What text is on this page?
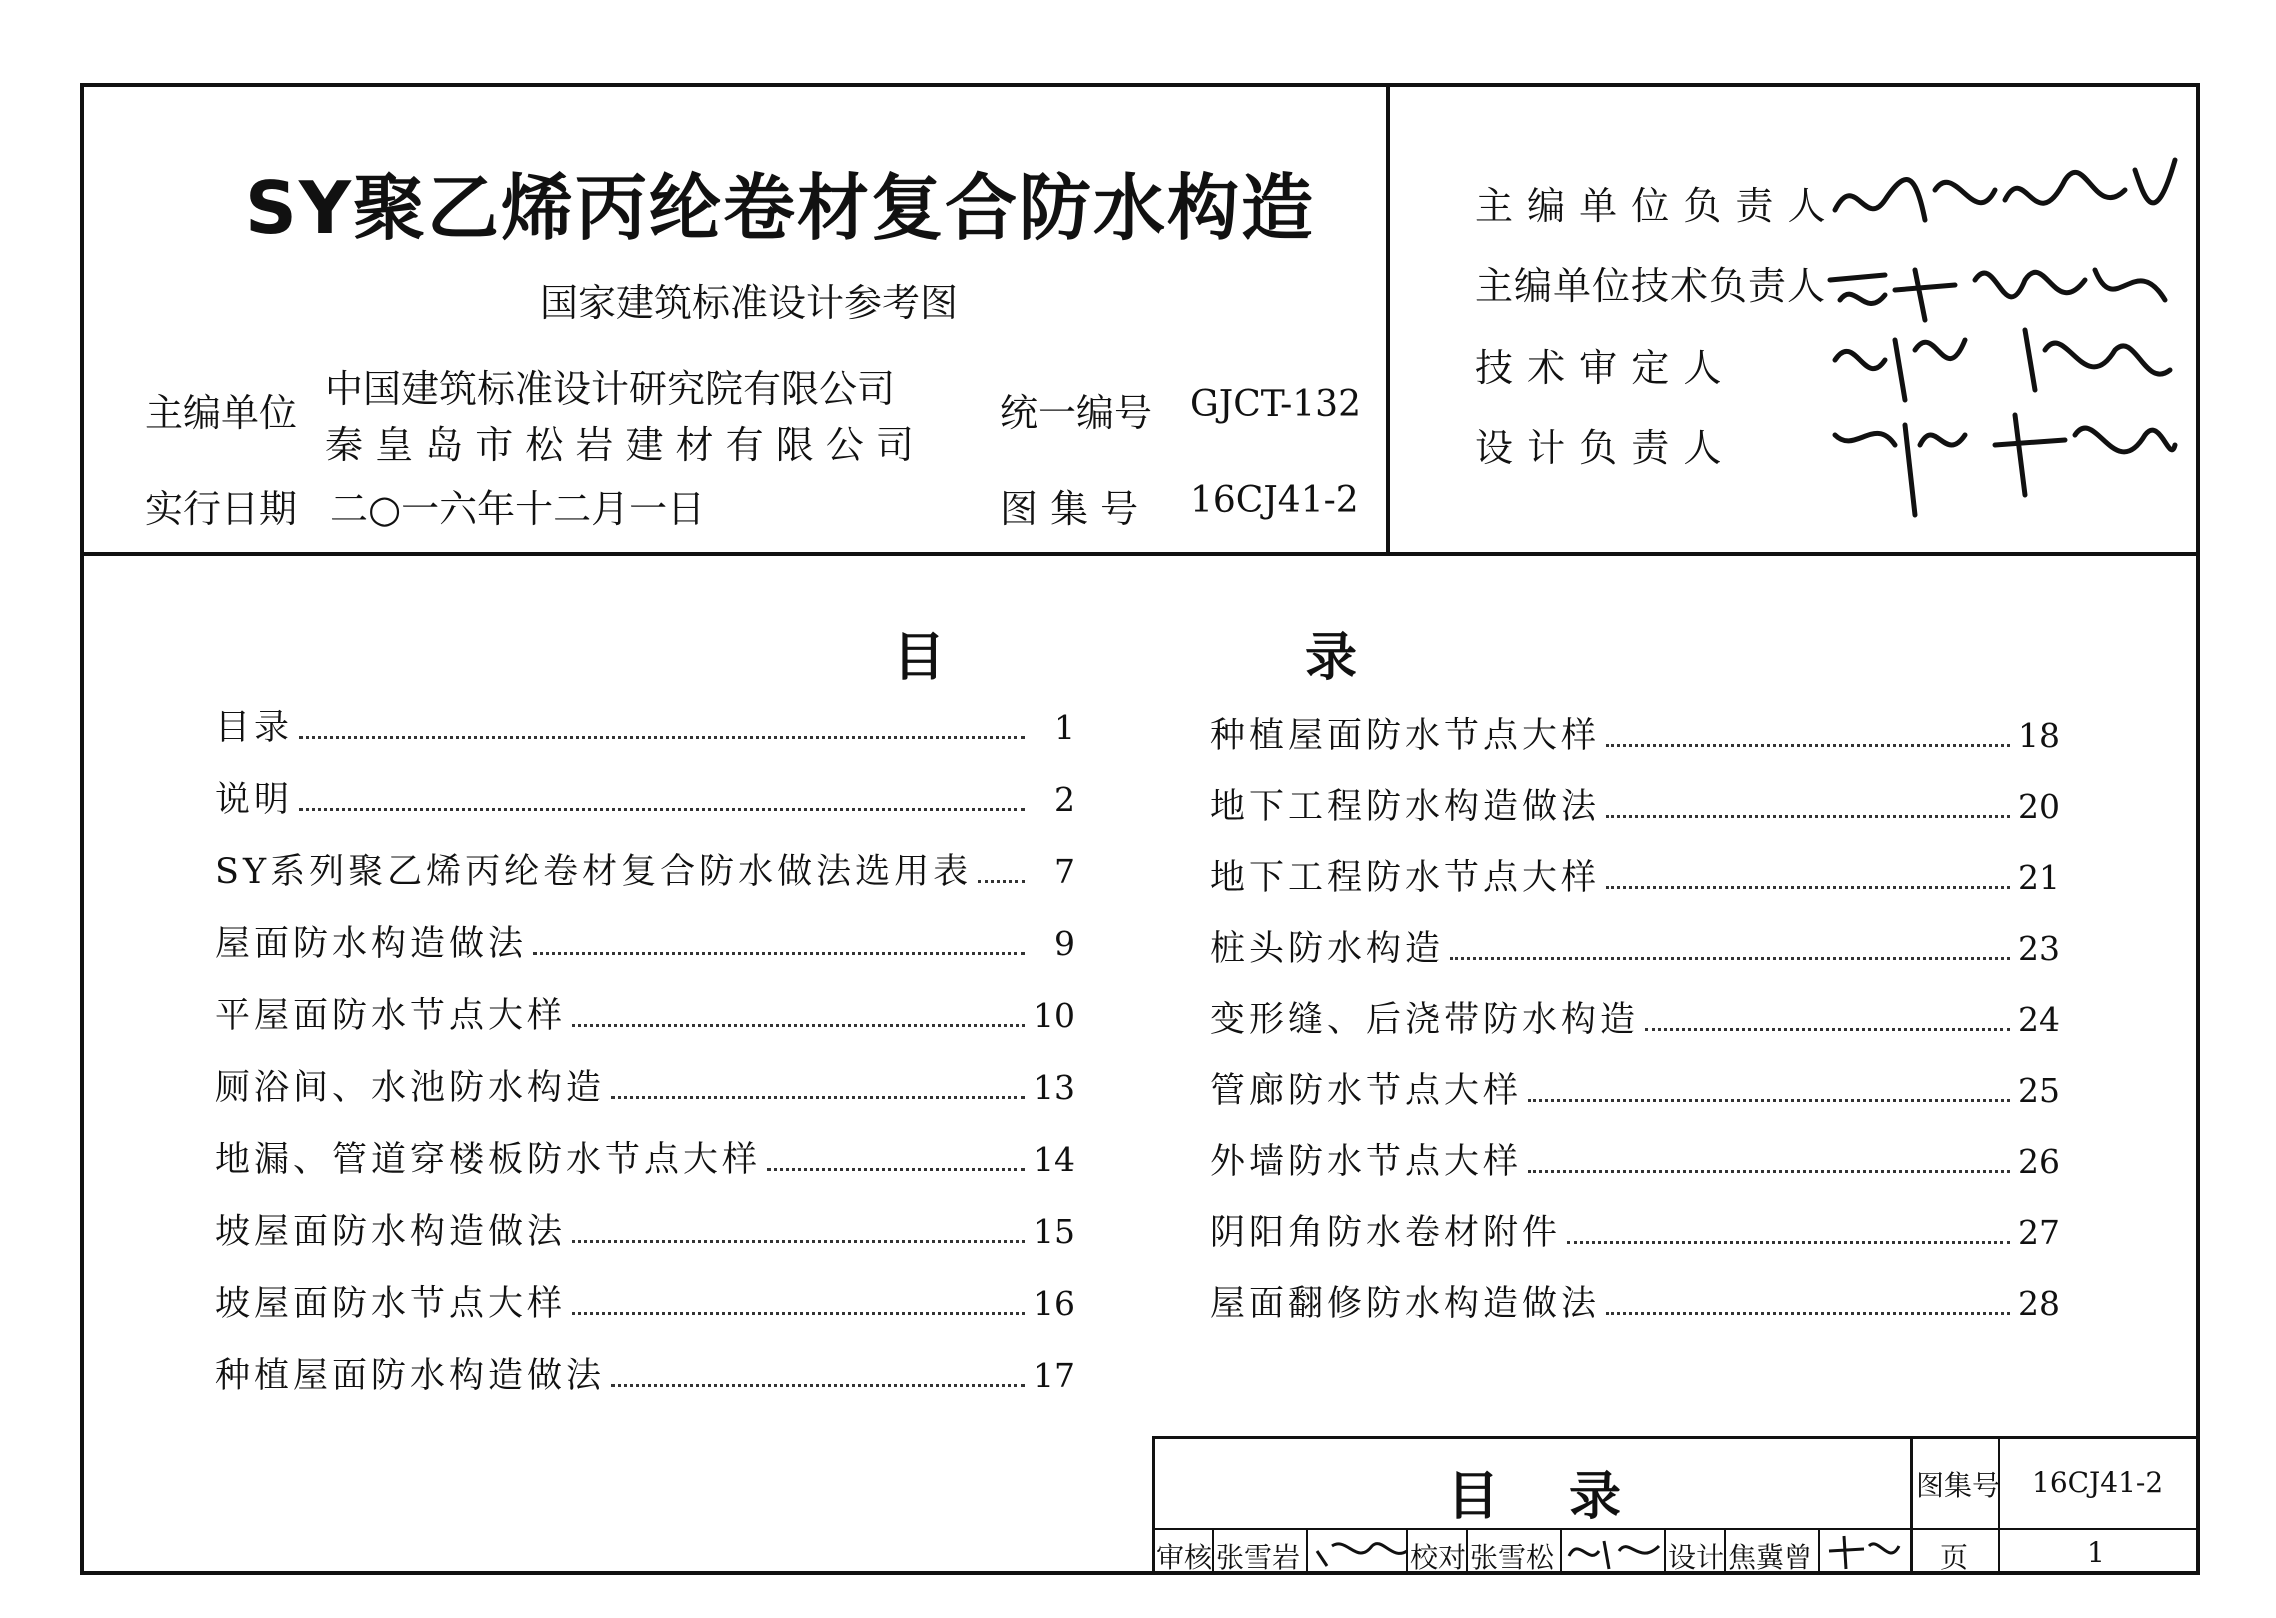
SY聚乙烯丙纶卷材复合防水构造
国家建筑标准设计参考图
主编单位
中国建筑标准设计研究院有限公司
秦 皇 岛 市 松 岩 建 材 有 限 公 司
实行日期 二○一六年十二月一日
统一编号 GJCT-132
图 集 号 16CJ41-2
主 编 单 位 负 责 人
主编单位技术负责人
技 术 审 定 人
设 计 负 责 人
目	录
目录	1
说明	2
SY系列聚乙烯丙纶卷材复合防水做法选用表	7
屋面防水构造做法	9
平屋面防水节点大样	10
厕浴间、水池防水构造	13
地漏、管道穿楼板防水节点大样	14
坡屋面防水构造做法	15
坡屋面防水节点大样	16
种植屋面防水构造做法	17
种植屋面防水节点大样	18
地下工程防水构造做法	20
地下工程防水节点大样	21
桩头防水构造	23
变形缝、后浇带防水构造	24
管廊防水节点大样	25
外墙防水节点大样	26
阴阳角防水卷材附件	27
屋面翻修防水构造做法	28
目录	图集号 16CJ41-2
页	1
审核 张雪岩	校对 张雪松	设计 焦冀曾
